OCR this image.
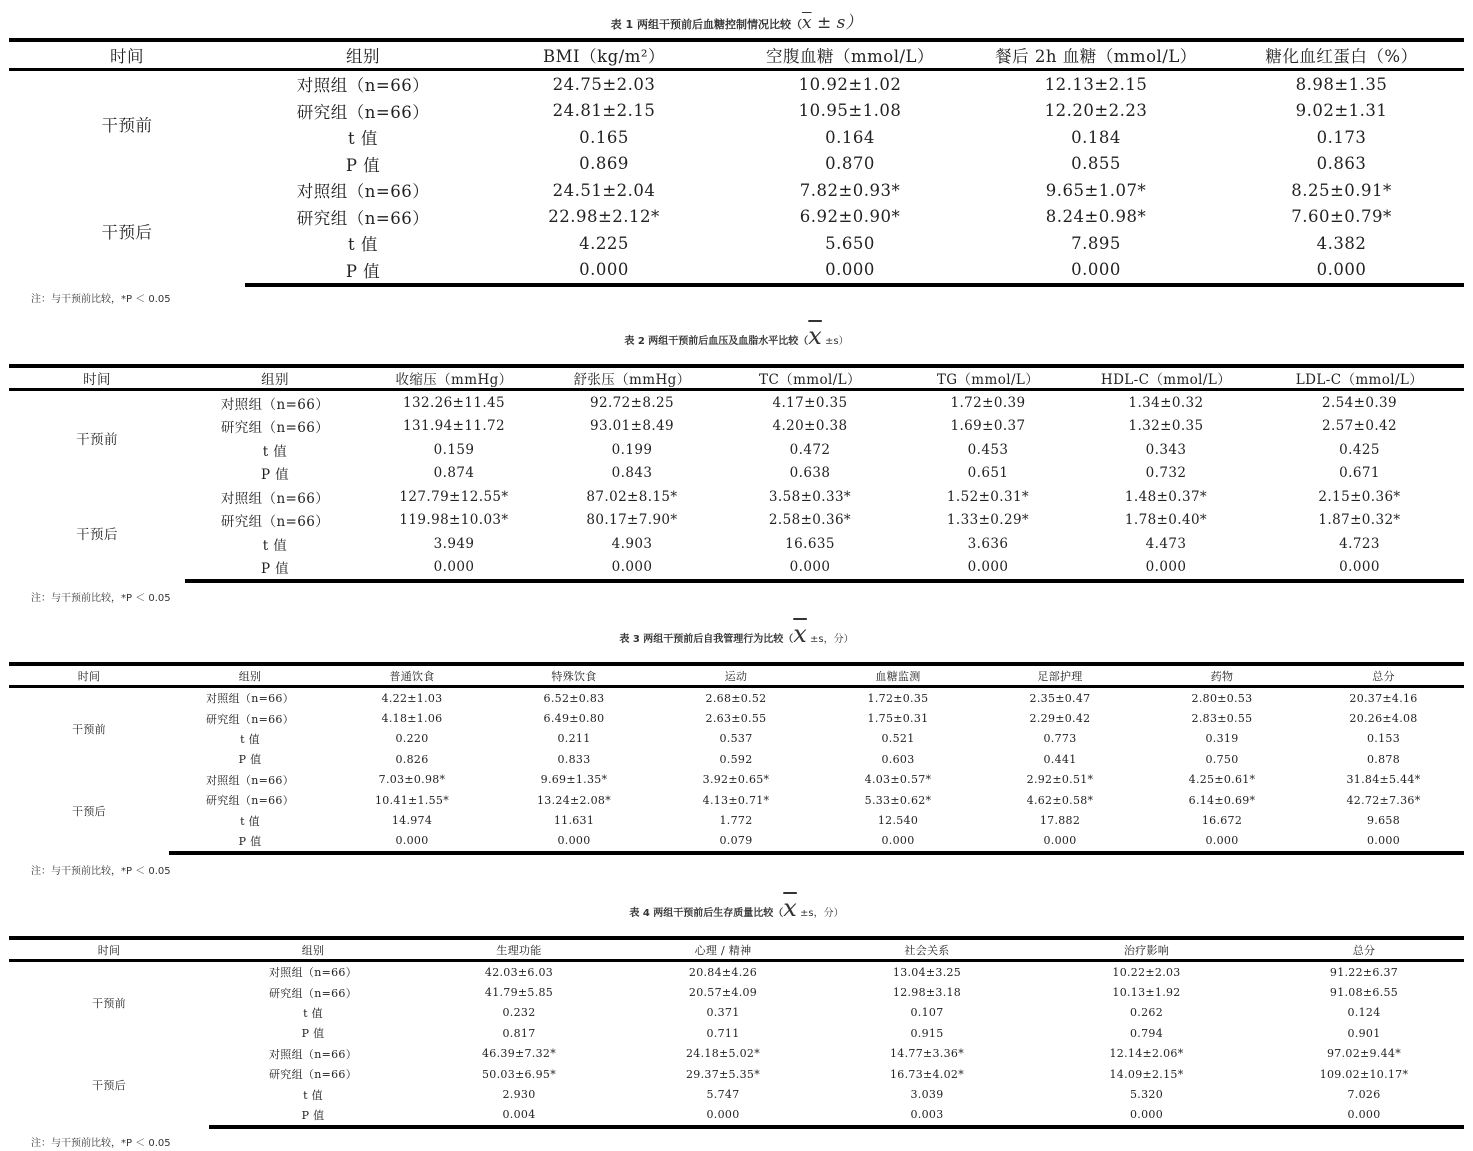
表 1 两组干预前后血糖控制情况比较$(\overline{x} \pm s)$
时间	组别	BMI（kg/m²）	空腹血糖（mmol/L）	餐后 2h 血糖（mmol/L）	糖化血红蛋白（%）
干预前	对照组（n=66）	24.75±2.03	10.92±1.02	12.13±2.15	8.98±1.35
	研究组（n=66）	24.81±2.15	10.95±1.08	12.20±2.23	9.02±1.31
	t 值	0.165	0.164	0.184	0.173
	P 值	0.869	0.870	0.855	0.863
干预后	对照组（n=66）	24.51±2.04	7.82±0.93*	9.65±1.07*	8.25±0.91*
	研究组（n=66）	22.98±2.12*	6.92±0.90*	8.24±0.98*	7.60±0.79*
	t 值	4.225	5.650	7.895	4.382
	P 值	0.000	0.000	0.000	0.000
注：与干预前比较，*P ＜ 0.05
表 2 两组干预前后血压及血脂水平比较$(\overline{x} \pm s)$
时间	组别	收缩压（mmHg）	舒张压（mmHg）	TC（mmol/L）	TG（mmol/L）	HDL-C（mmol/L）	LDL-C（mmol/L）
干预前	对照组（n=66）	132.26±11.45	92.72±8.25	4.17±0.35	1.72±0.39	1.34±0.32	2.54±0.39
	研究组（n=66）	131.94±11.72	93.01±8.49	4.20±0.38	1.69±0.37	1.32±0.35	2.57±0.42
	t 值	0.159	0.199	0.472	0.453	0.343	0.425
	P 值	0.874	0.843	0.638	0.651	0.732	0.671
干预后	对照组（n=66）	127.79±12.55*	87.02±8.15*	3.58±0.33*	1.52±0.31*	1.48±0.37*	2.15±0.36*
	研究组（n=66）	119.98±10.03*	80.17±7.90*	2.58±0.36*	1.33±0.29*	1.78±0.40*	1.87±0.32*
	t 值	3.949	4.903	16.635	3.636	4.473	4.723
	P 值	0.000	0.000	0.000	0.000	0.000	0.000
注：与干预前比较，*P ＜ 0.05
表 3 两组干预前后自我管理行为比较（$\overline{x} \pm s$，分）
时间	组别	普通饮食	特殊饮食	运动	血糖监测	足部护理	药物	总分
干预前	对照组（n=66）	4.22±1.03	6.52±0.83	2.68±0.52	1.72±0.35	2.35±0.47	2.80±0.53	20.37±4.16
	研究组（n=66）	4.18±1.06	6.49±0.80	2.63±0.55	1.75±0.31	2.29±0.42	2.83±0.55	20.26±4.08
	t 值	0.220	0.211	0.537	0.521	0.773	0.319	0.153
	P 值	0.826	0.833	0.592	0.603	0.441	0.750	0.878
干预后	对照组（n=66）	7.03±0.98*	9.69±1.35*	3.92±0.65*	4.03±0.57*	2.92±0.51*	4.25±0.61*	31.84±5.44*
	研究组（n=66）	10.41±1.55*	13.24±2.08*	4.13±0.71*	5.33±0.62*	4.62±0.58*	6.14±0.69*	42.72±7.36*
	t 值	14.974	11.631	1.772	12.540	17.882	16.672	9.658
	P 值	0.000	0.000	0.079	0.000	0.000	0.000	0.000
注：与干预前比较，*P ＜ 0.05
表 4 两组干预前后生存质量比较（$\overline{x} \pm s$，分）
时间	组别	生理功能	心理 / 精神	社会关系	治疗影响	总分
干预前	对照组（n=66）	42.03±6.03	20.84±4.26	13.04±3.25	10.22±2.03	91.22±6.37
	研究组（n=66）	41.79±5.85	20.57±4.09	12.98±3.18	10.13±1.92	91.08±6.55
	t 值	0.232	0.371	0.107	0.262	0.124
	P 值	0.817	0.711	0.915	0.794	0.901
干预后	对照组（n=66）	46.39±7.32*	24.18±5.02*	14.77±3.36*	12.14±2.06*	97.02±9.44*
	研究组（n=66）	50.03±6.95*	29.37±5.35*	16.73±4.02*	14.09±2.15*	109.02±10.17*
	t 值	2.930	5.747	3.039	5.320	7.026
	P 值	0.004	0.000	0.003	0.000	0.000
注：与干预前比较，*P ＜ 0.05
